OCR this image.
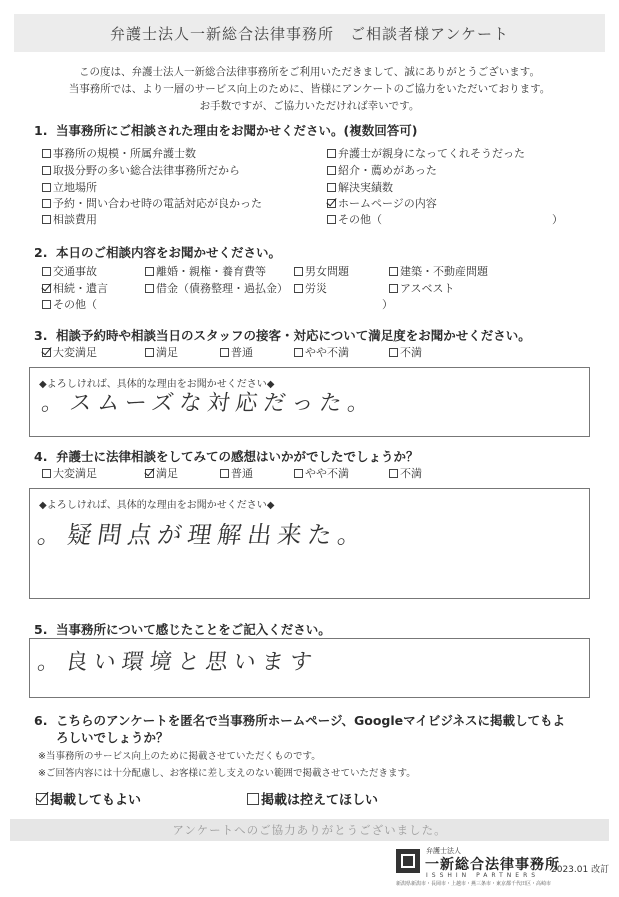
弁護士法人一新総合法律事務所　ご相談者様アンケート
この度は、弁護士法人一新総合法律事務所をご利用いただきまして、誠にありがとうございます。
当事務所では、より一層のサービス向上のために、皆様にアンケートのご協力をいただいております。
お手数ですが、ご協力いただければ幸いです。
1. 当事務所にご相談された理由をお聞かせください。(複数回答可)
事務所の規模・所属弁護士数
取扱分野の多い総合法律事務所だから
立地場所
予約・問い合わせ時の電話対応が良かった
相談費用
弁護士が親身になってくれそうだった
紹介・薦めがあった
解決実績数
ホームページの内容
その他（	）
2. 本日のご相談内容をお聞かせください。
交通事故	離婚・親権・養育費等	男女問題	建築・不動産問題
相続・遺言	借金（債務整理・過払金）	労災	アスベスト
その他（	）
3. 相談予約時や相談当日のスタッフの接客・対応について満足度をお聞かせください。
大変満足	満足	普通	やや不満	不満
◆よろしければ、具体的な理由をお聞かせください◆
。スムーズな対応だった。
4. 弁護士に法律相談をしてみての感想はいかがでしたでしょうか？
大変満足	満足	普通	やや不満	不満
◆よろしければ、具体的な理由をお聞かせください◆
。疑問点が理解出来た。
5. 当事務所について感じたことをご記入ください。
。良い環境と思います
6. こちらのアンケートを匿名で当事務所ホームページ、Googleマイビジネスに掲載してもよ
ろしいでしょうか？
※当事務所のサービス向上のために掲載させていただくものです。
※ご回答内容には十分配慮し、お客様に差し支えのない範囲で掲載させていただきます。
掲載してもよい	掲載は控えてほしい
アンケートへのご協力ありがとうございました。
弁護士法人
一新総合法律事務所
ISSHIN PARTNERS
新潟県新潟市・長岡市・上越市・燕三条市・東京都千代田区・高崎市
2023.01 改訂
